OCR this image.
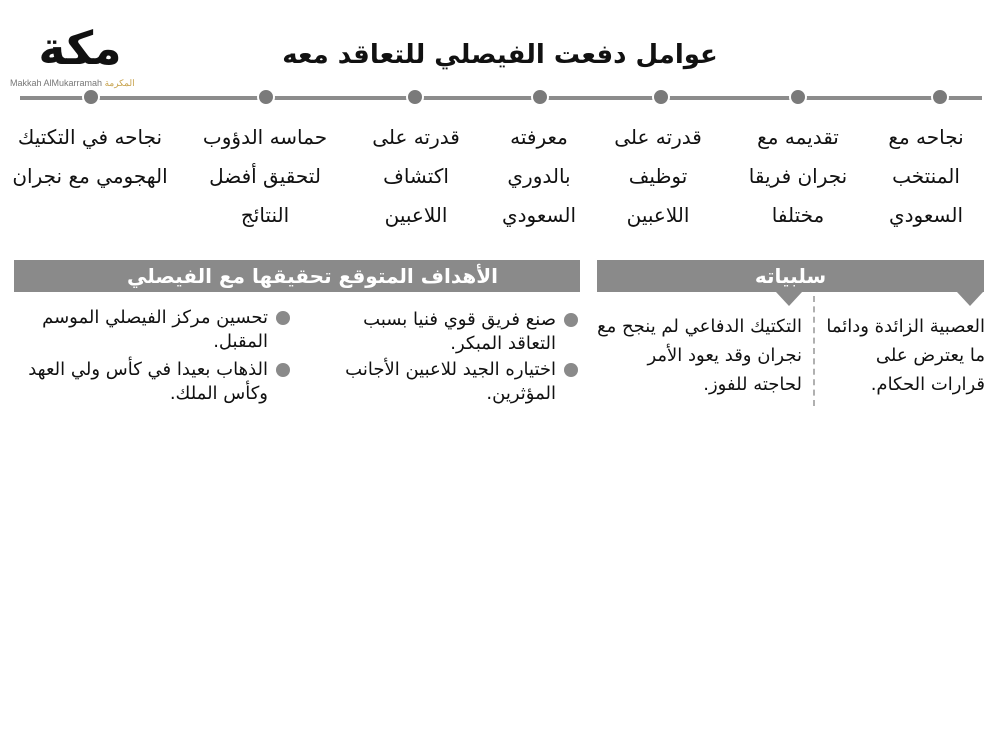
مكة
Makkah AlMukarramah المكرمة
عوامل دفعت الفيصلي للتعاقد معه
نجاحه مع المنتخب السعودي
تقديمه مع نجران فريقا مختلفا
قدرته على توظيف اللاعبين
معرفته بالدوري السعودي
قدرته على اكتشاف اللاعبين
حماسه الدؤوب لتحقيق أفضل النتائج
نجاحه في التكتيك الهجومي مع نجران
سلبياته
العصبية الزائدة ودائما ما يعترض على قرارات الحكام.
التكتيك الدفاعي لم ينجح مع نجران وقد يعود الأمر لحاجته للفوز.
الأهداف المتوقع تحقيقها مع الفيصلي
صنع فريق قوي فنيا بسبب التعاقد المبكر.
اختياره الجيد للاعبين الأجانب المؤثرين.
تحسين مركز الفيصلي الموسم المقبل.
الذهاب بعيدا في كأس ولي العهد وكأس الملك.
